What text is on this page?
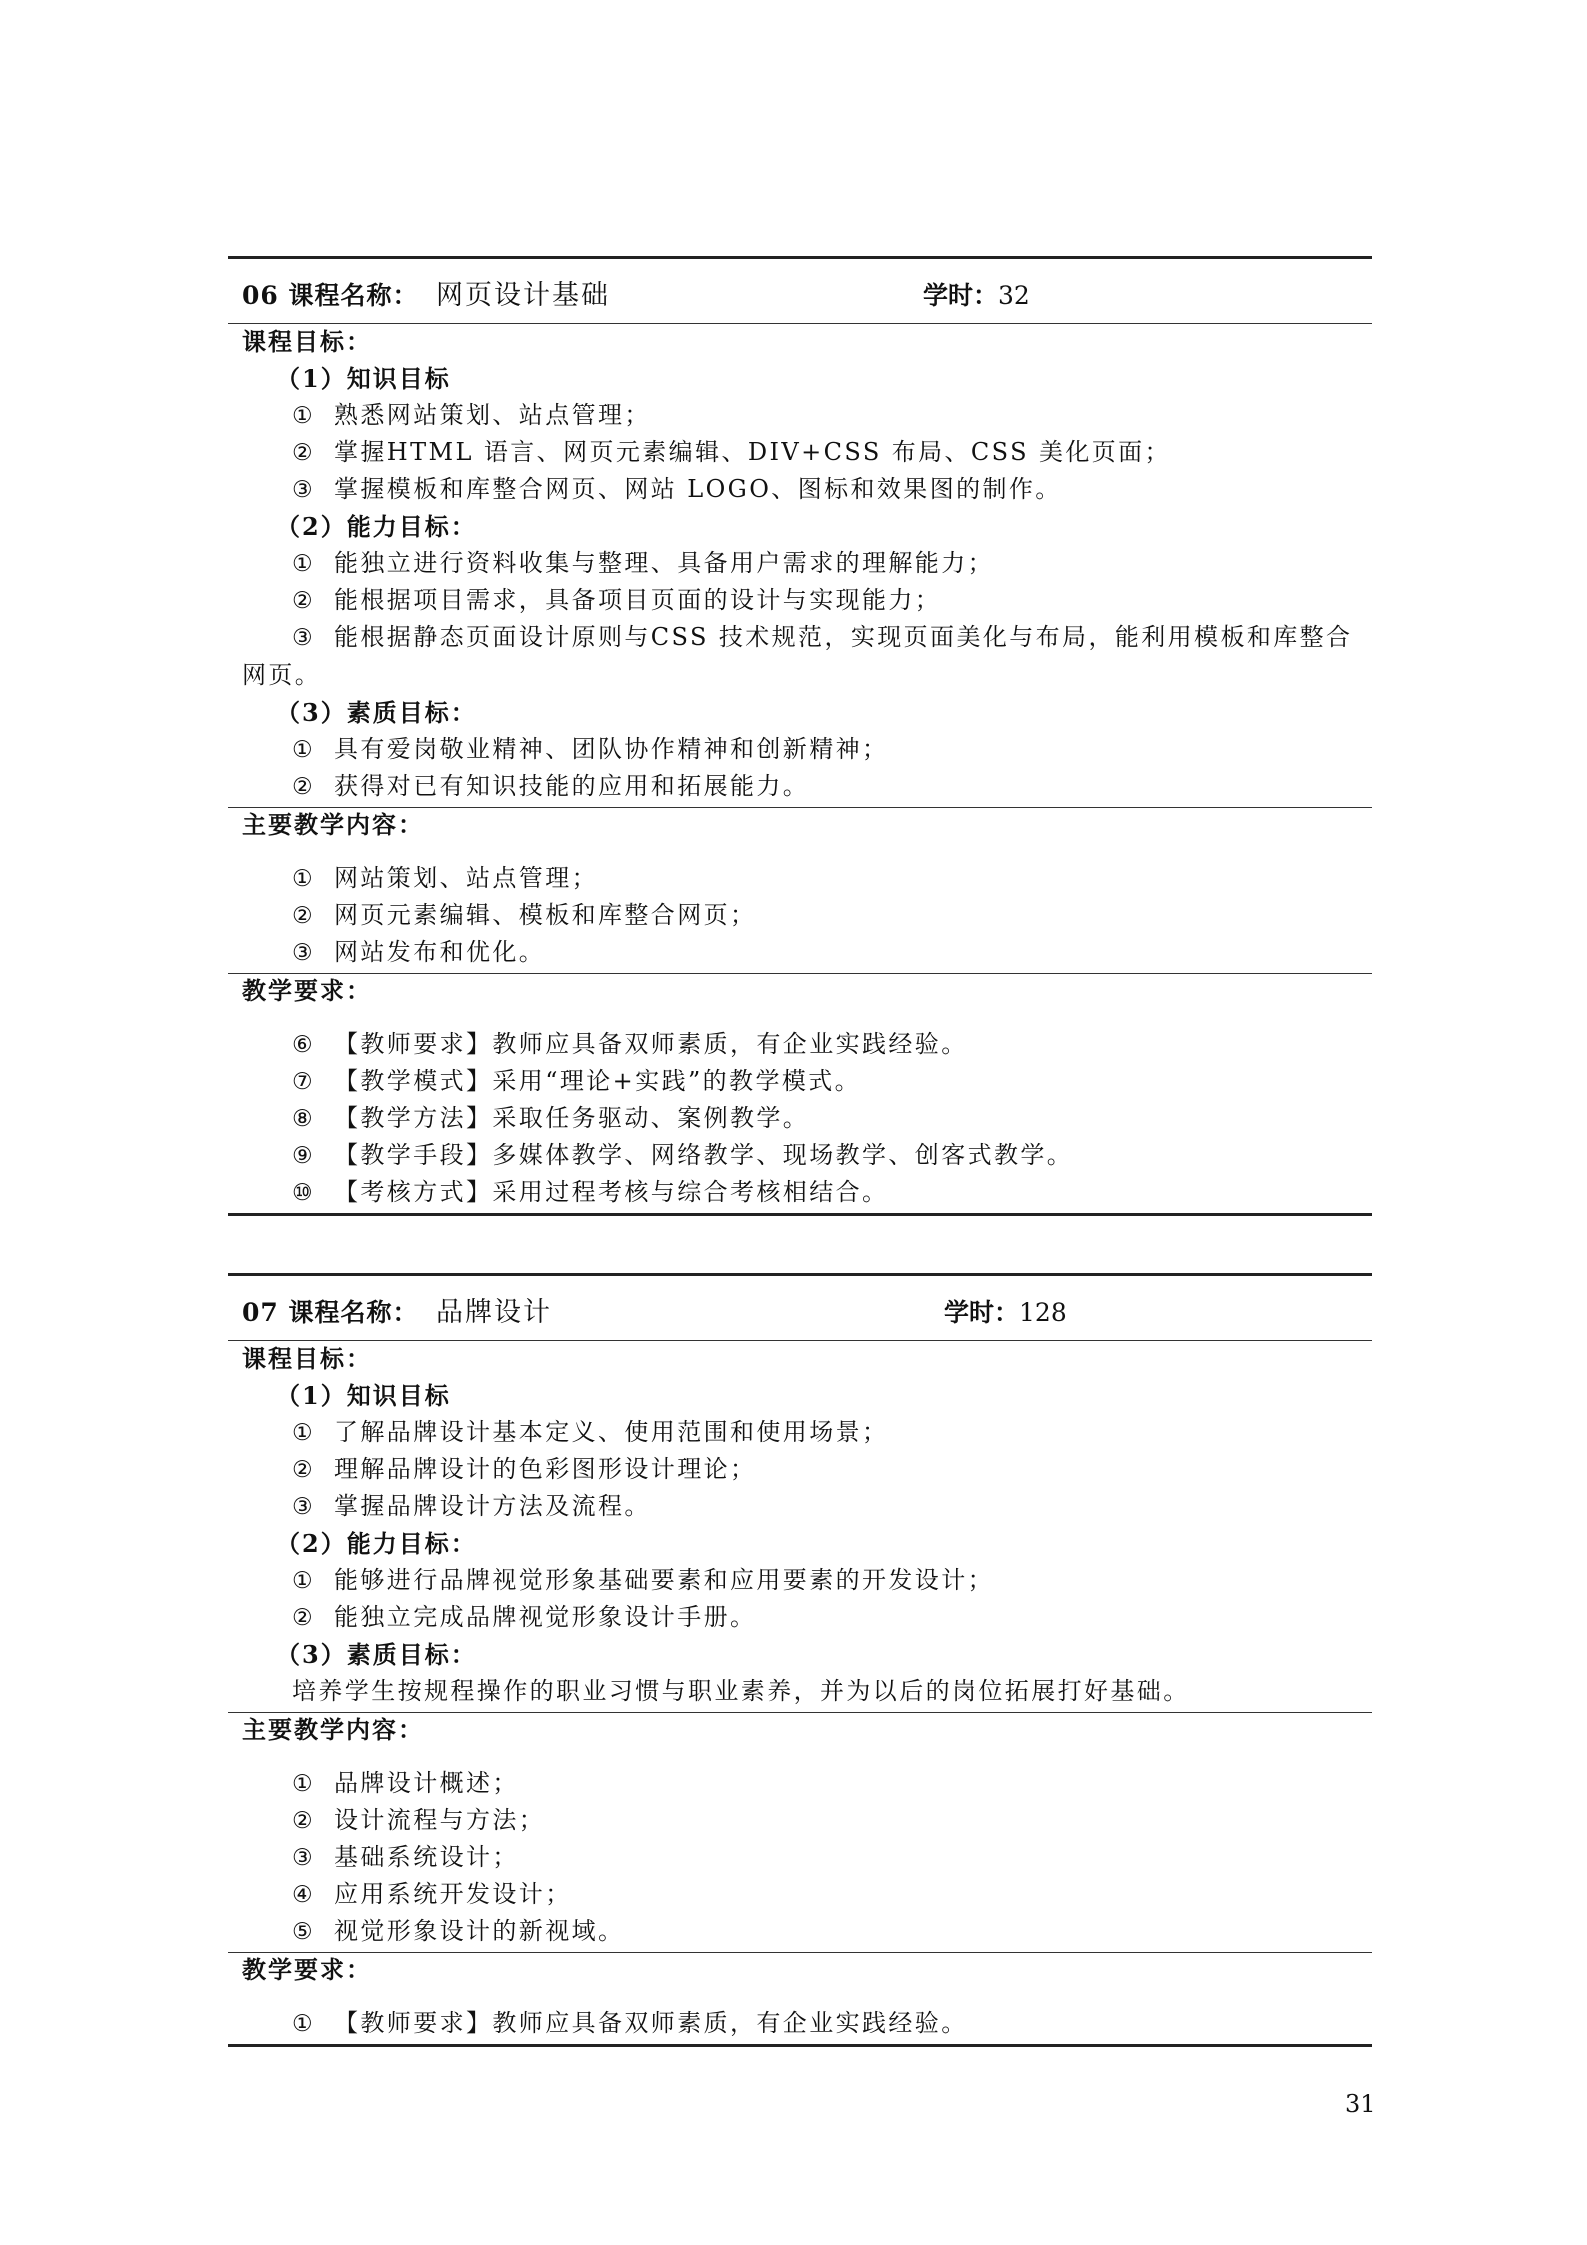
06 课程名称： 网页设计基础	学时：32
课程目标：
（1）知识目标
① 熟悉网站策划、站点管理；
② 掌握HTML 语言、网页元素编辑、DIV+CSS 布局、CSS 美化页面；
③ 掌握模板和库整合网页、网站 LOGO、图标和效果图的制作。
（2）能力目标：
① 能独立进行资料收集与整理、具备用户需求的理解能力；
② 能根据项目需求，具备项目页面的设计与实现能力；
③ 能根据静态页面设计原则与CSS 技术规范，实现页面美化与布局，能利用模板和库整合网页。
（3）素质目标：
① 具有爱岗敬业精神、团队协作精神和创新精神；
② 获得对已有知识技能的应用和拓展能力。
主要教学内容：
① 网站策划、站点管理；
② 网页元素编辑、模板和库整合网页；
③ 网站发布和优化。
教学要求：
⑥ 【教师要求】教师应具备双师素质，有企业实践经验。
⑦ 【教学模式】采用“理论+实践”的教学模式。
⑧ 【教学方法】采取任务驱动、案例教学。
⑨ 【教学手段】多媒体教学、网络教学、现场教学、创客式教学。
⑩ 【考核方式】采用过程考核与综合考核相结合。
07 课程名称： 品牌设计	学时：128
课程目标：
（1）知识目标
① 了解品牌设计基本定义、使用范围和使用场景；
② 理解品牌设计的色彩图形设计理论；
③ 掌握品牌设计方法及流程。
（2）能力目标：
① 能够进行品牌视觉形象基础要素和应用要素的开发设计；
② 能独立完成品牌视觉形象设计手册。
（3）素质目标：
培养学生按规程操作的职业习惯与职业素养，并为以后的岗位拓展打好基础。
主要教学内容：
① 品牌设计概述；
② 设计流程与方法；
③ 基础系统设计；
④ 应用系统开发设计；
⑤ 视觉形象设计的新视域。
教学要求：
① 【教师要求】教师应具备双师素质，有企业实践经验。
31
